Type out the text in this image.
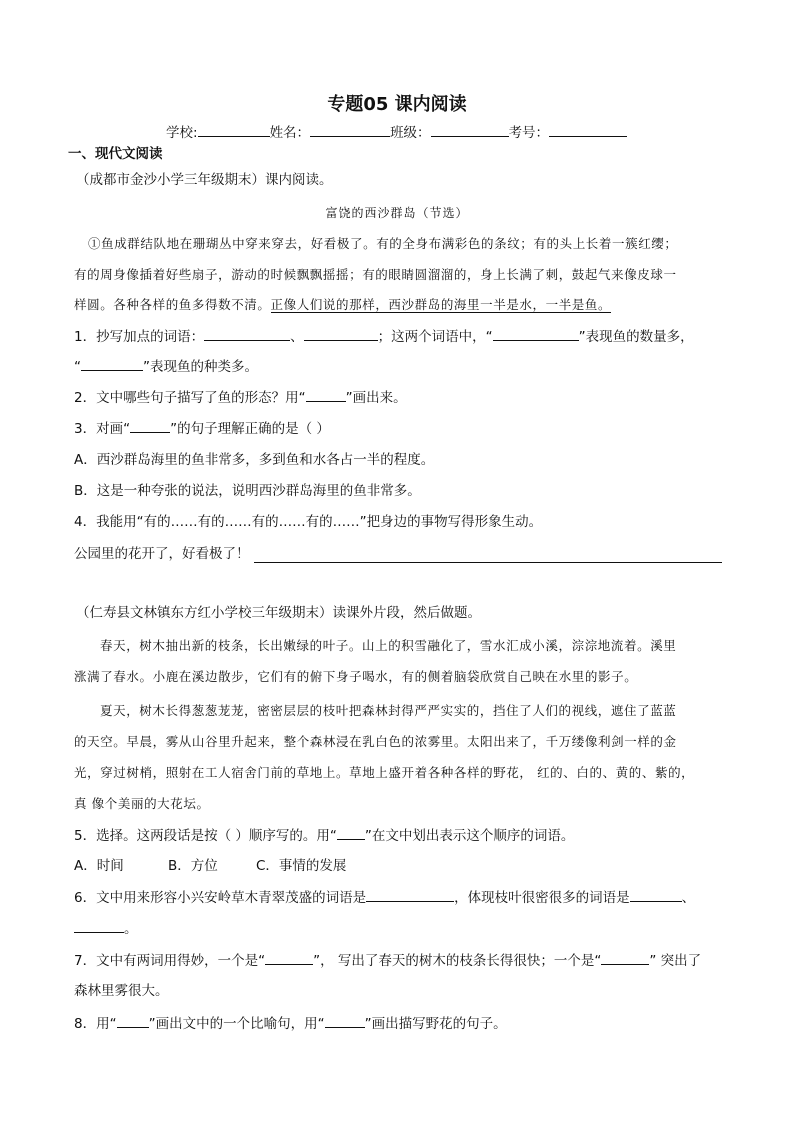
专题05 课内阅读
学校:	姓名：	班级：	考号：
一、现代文阅读
（成都市金沙小学三年级期末）课内阅读。
富饶的西沙群岛（节选）
①鱼成群结队地在珊瑚丛中穿来穿去，好看极了。有的全身布满彩色的条纹；有的头上长着一簇红缨；
有的周身像插着好些扇子，游动的时候飘飘摇摇；有的眼睛圆溜溜的，身上长满了刺，鼓起气来像皮球一
样圆。各种各样的鱼多得数不清。正像人们说的那样，西沙群岛的海里一半是水，一半是鱼。
1．抄写加点的词语：	、	；这两个词语中，“	”表现鱼的数量多，
“	”表现鱼的种类多。
2．文中哪些句子描写了鱼的形态？用“	”画出来。
3．对画“	”的句子理解正确的是（ ）
A．西沙群岛海里的鱼非常多，多到鱼和水各占一半的程度。
B．这是一种夸张的说法，说明西沙群岛海里的鱼非常多。
4．我能用“有的……有的……有的……有的……”把身边的事物写得形象生动。
公园里的花开了，好看极了！
（仁寿县文林镇东方红小学校三年级期末）读课外片段，然后做题。
春天，树木抽出新的枝条，长出嫩绿的叶子。山上的积雪融化了，雪水汇成小溪，淙淙地流着。溪里
涨满了春水。小鹿在溪边散步，它们有的俯下身子喝水，有的侧着脑袋欣赏自己映在水里的影子。
夏天，树木长得葱葱茏茏，密密层层的枝叶把森林封得严严实实的，挡住了人们的视线，遮住了蓝蓝
的天空。早晨，雾从山谷里升起来，整个森林浸在乳白色的浓雾里。太阳出来了，千万缕像利剑一样的金
光，穿过树梢，照射在工人宿舍门前的草地上。草地上盛开着各种各样的野花， 红的、白的、黄的、紫的，
真 像个美丽的大花坛。
5．选择。这两段话是按（ ）顺序写的。用“ ”在文中划出表示这个顺序的词语。
A．时间	B．方位	C．事情的发展
6．文中用来形容小兴安岭草木青翠茂盛的词语是	，体现枝叶很密很多的词语是	、
。
7．文中有两词用得妙，一个是“	”， 写出了春天的树木的枝条长得很快；一个是“	” 突出了
森林里雾很大。
8．用“ ”画出文中的一个比喻句，用“	”画出描写野花的句子。
